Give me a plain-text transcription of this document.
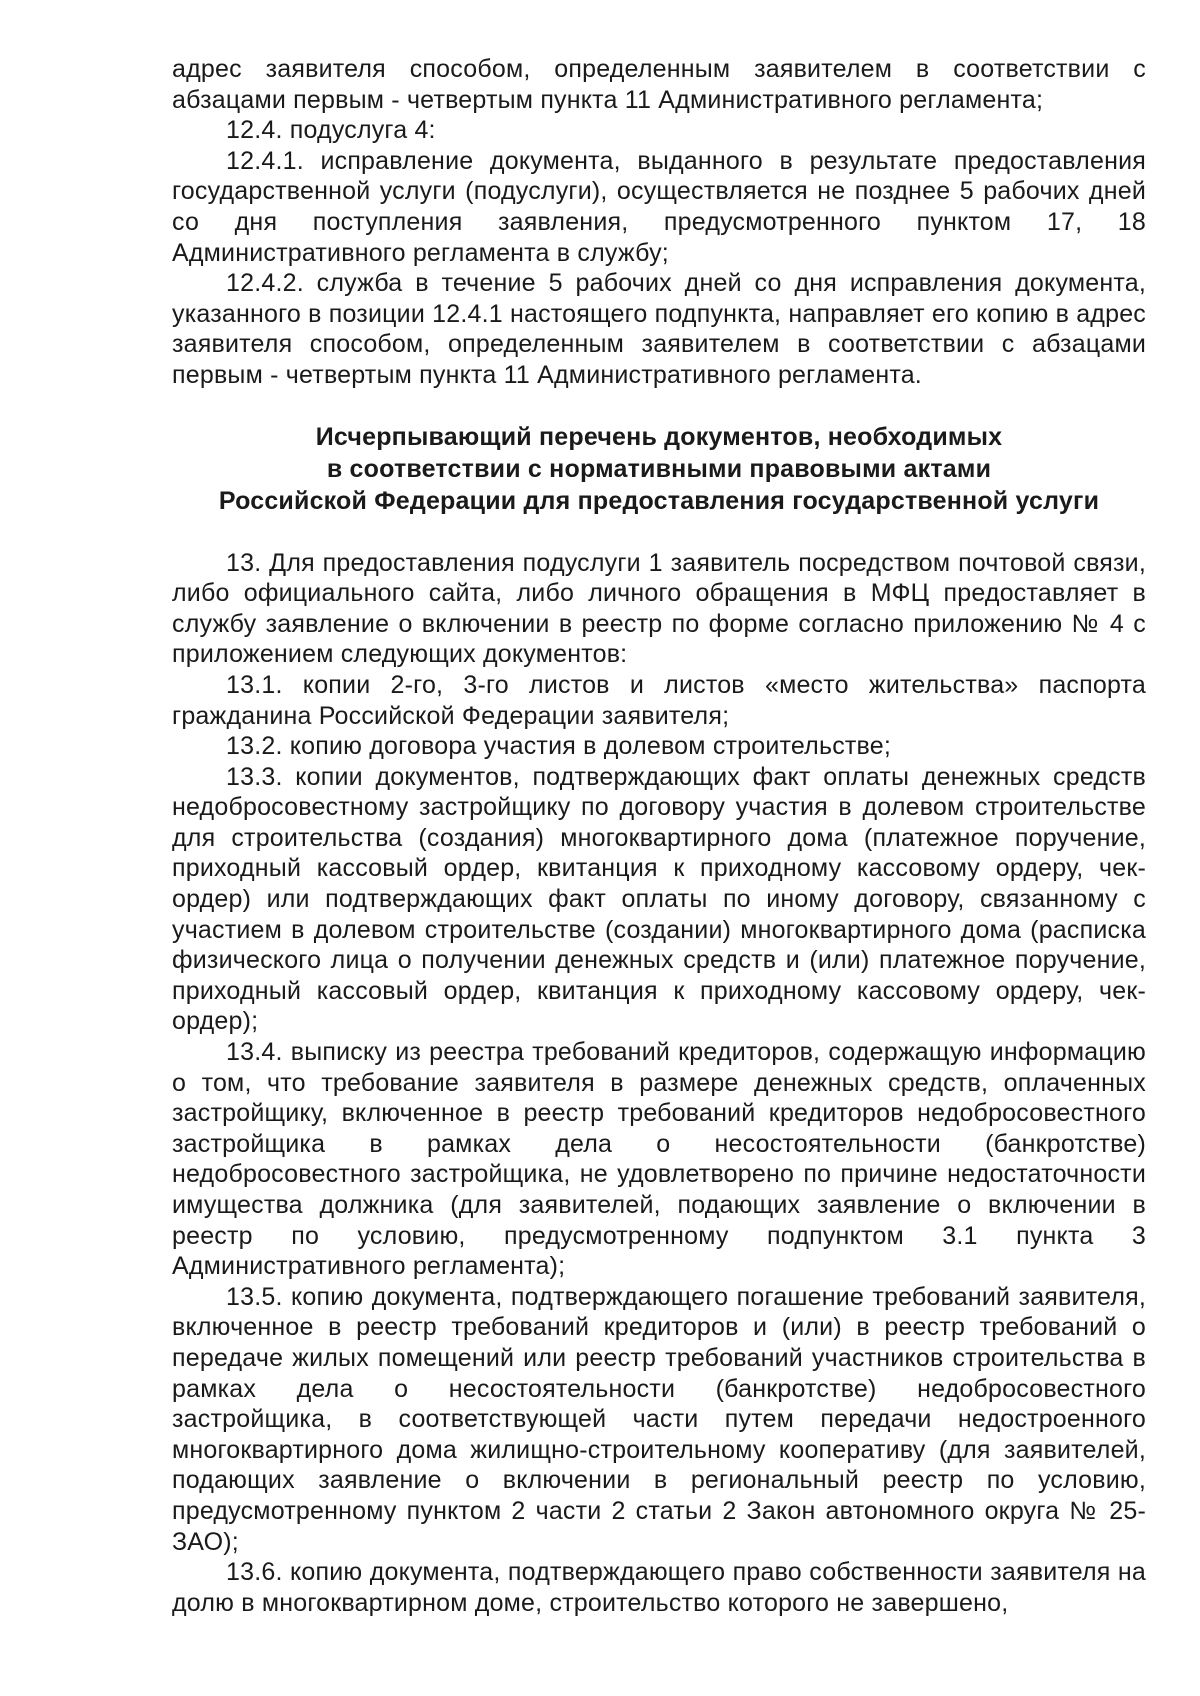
адрес заявителя способом, определенным заявителем в соответствии с абзацами первым - четвертым пункта 11 Административного регламента;

12.4. подуслуга 4:

12.4.1. исправление документа, выданного в результате предоставления государственной услуги (подуслуги), осуществляется не позднее 5 рабочих дней со дня поступления заявления, предусмотренного пунктом 17, 18 Административного регламента в службу;

12.4.2. служба в течение 5 рабочих дней со дня исправления документа, указанного в позиции 12.4.1 настоящего подпункта, направляет его копию в адрес заявителя способом, определенным заявителем в соответствии с абзацами первым - четвертым пункта 11 Административного регламента.

Исчерпывающий перечень документов, необходимых
в соответствии с нормативными правовыми актами
Российской Федерации для предоставления государственной услуги

13. Для предоставления подуслуги 1 заявитель посредством почтовой связи, либо официального сайта, либо личного обращения в МФЦ предоставляет в службу заявление о включении в реестр по форме согласно приложению № 4 с приложением следующих документов:

13.1. копии 2-го, 3-го листов и листов «место жительства» паспорта гражданина Российской Федерации заявителя;

13.2. копию договора участия в долевом строительстве;

13.3. копии документов, подтверждающих факт оплаты денежных средств недобросовестному застройщику по договору участия в долевом строительстве для строительства (создания) многоквартирного дома (платежное поручение, приходный кассовый ордер, квитанция к приходному кассовому ордеру, чек-ордер) или подтверждающих факт оплаты по иному договору, связанному с участием в долевом строительстве (создании) многоквартирного дома (расписка физического лица о получении денежных средств и (или) платежное поручение, приходный кассовый ордер, квитанция к приходному кассовому ордеру, чек-ордер);

13.4. выписку из реестра требований кредиторов, содержащую информацию о том, что требование заявителя в размере денежных средств, оплаченных застройщику, включенное в реестр требований кредиторов недобросовестного застройщика в рамках дела о несостоятельности (банкротстве) недобросовестного застройщика, не удовлетворено по причине недостаточности имущества должника (для заявителей, подающих заявление о включении в реестр по условию, предусмотренному подпунктом 3.1 пункта 3 Административного регламента);

13.5. копию документа, подтверждающего погашение требований заявителя, включенное в реестр требований кредиторов и (или) в реестр требований о передаче жилых помещений или реестр требований участников строительства в рамках дела о несостоятельности (банкротстве) недобросовестного застройщика, в соответствующей части путем передачи недостроенного многоквартирного дома жилищно-строительному кооперативу (для заявителей, подающих заявление о включении в региональный реестр по условию, предусмотренному пунктом 2 части 2 статьи 2 Закон автономного округа № 25-ЗАО);

13.6. копию документа, подтверждающего право собственности заявителя на долю в многоквартирном доме, строительство которого не завершено,
